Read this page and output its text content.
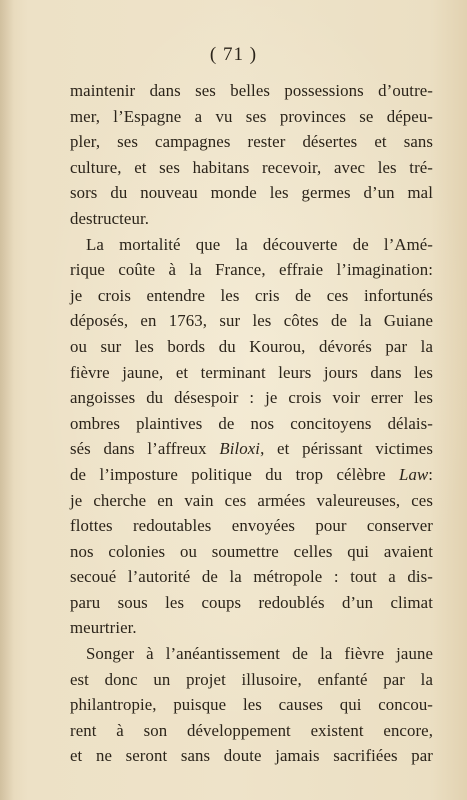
( 71 )
maintenir dans ses belles possessions d’outre-
mer, l’Espagne a vu ses provinces se dépeu-
pler, ses campagnes rester désertes et sans
culture, et ses habitans recevoir, avec les tré-
sors du nouveau monde les germes d’un mal
destructeur.
La mortalité que la découverte de l’Amé-
rique coûte à la France, effraie l’imagination:
je crois entendre les cris de ces infortunés
déposés, en 1763, sur les côtes de la Guiane
ou sur les bords du Kourou, dévorés par la
fièvre jaune, et terminant leurs jours dans les
angoisses du désespoir : je crois voir errer les
ombres plaintives de nos concitoyens délais-
sés dans l’affreux Biloxi, et périssant victimes
de l’imposture politique du trop célèbre Law:
je cherche en vain ces armées valeureuses, ces
flottes redoutables envoyées pour conserver
nos colonies ou soumettre celles qui avaient
secoué l’autorité de la métropole : tout a dis-
paru sous les coups redoublés d’un climat
meurtrier.
Songer à l’anéantissement de la fièvre jaune
est donc un projet illusoire, enfanté par la
philantropie, puisque les causes qui concou-
rent à son développement existent encore,
et ne seront sans doute jamais sacrifiées par
